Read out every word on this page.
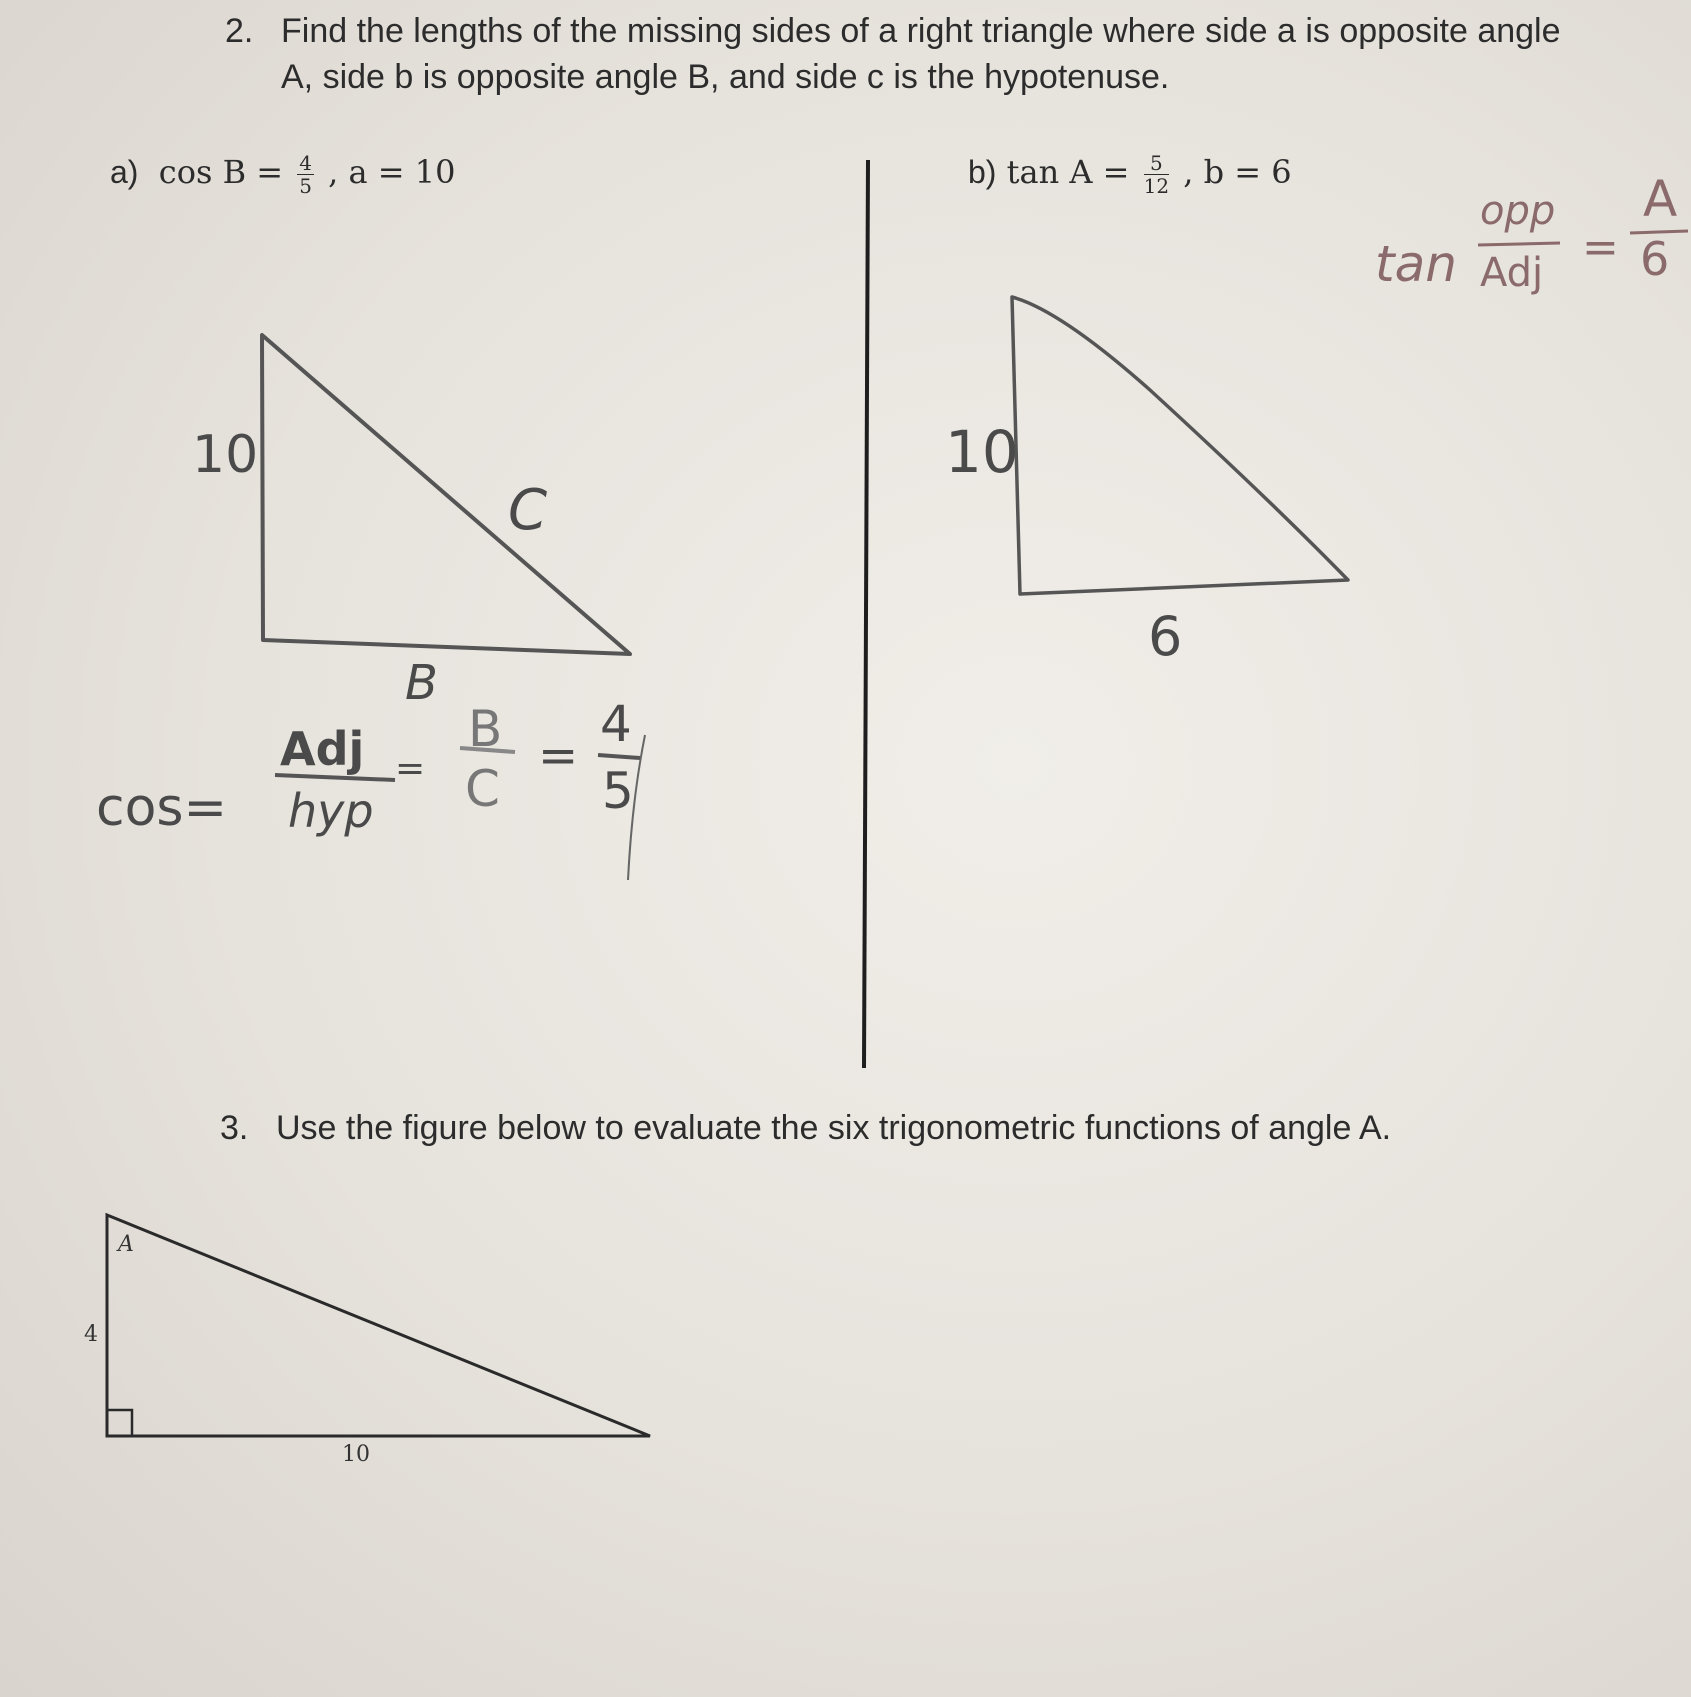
2. Find the lengths of the missing sides of a right triangle where side a is opposite angle
A, side b is opposite angle B, and side c is the hypotenuse.
a) $\cos B = \frac{4}{5}$ , a = 10	b) $\tan A = \frac{5}{12}$ , b = 6
10
C
B
cos=
Adj
hyp
=
B
C
=
4
5
tan
opp
Adj =
A
6
10
6
3. Use the figure below to evaluate the six trigonometric functions of angle A.
A
4
10
